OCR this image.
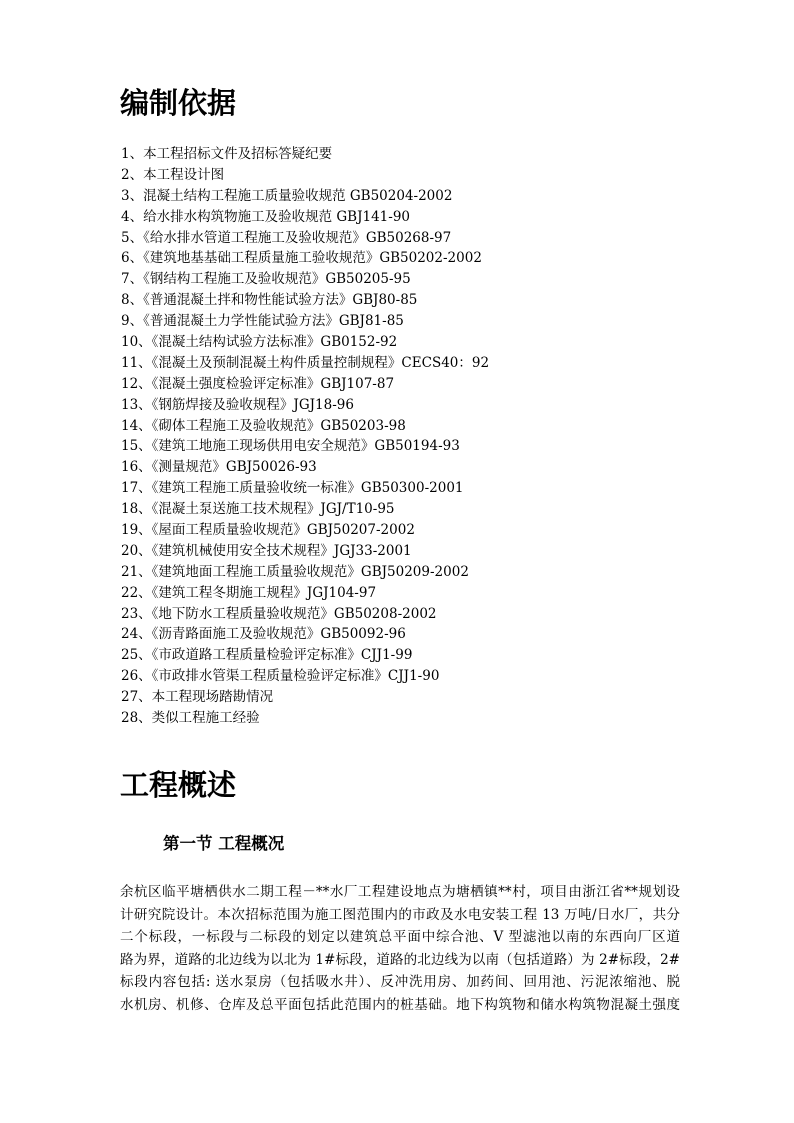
编制依据
1、本工程招标文件及招标答疑纪要
2、本工程设计图
3、混凝土结构工程施工质量验收规范 GB50204-2002
4、给水排水构筑物施工及验收规范 GBJ141-90
5、《给水排水管道工程施工及验收规范》GB50268-97
6、《建筑地基基础工程质量施工验收规范》GB50202-2002
7、《钢结构工程施工及验收规范》GB50205-95
8、《普通混凝土拌和物性能试验方法》GBJ80-85
9、《普通混凝土力学性能试验方法》GBJ81-85
10、《混凝土结构试验方法标准》GB0152-92
11、《混凝土及预制混凝土构件质量控制规程》CECS40：92
12、《混凝土强度检验评定标准》GBJ107-87
13、《钢筋焊接及验收规程》JGJ18-96
14、《砌体工程施工及验收规范》GB50203-98
15、《建筑工地施工现场供用电安全规范》GB50194-93
16、《测量规范》GBJ50026-93
17、《建筑工程施工质量验收统一标准》GB50300-2001
18、《混凝土泵送施工技术规程》JGJ/T10-95
19、《屋面工程质量验收规范》GBJ50207-2002
20、《建筑机械使用安全技术规程》JGJ33-2001
21、《建筑地面工程施工质量验收规范》GBJ50209-2002
22、《建筑工程冬期施工规程》JGJ104-97
23、《地下防水工程质量验收规范》GB50208-2002
24、《沥青路面施工及验收规范》GB50092-96
25、《市政道路工程质量检验评定标准》CJJ1-99
26、《市政排水管渠工程质量检验评定标准》CJJ1-90
27、本工程现场踏勘情况
28、类似工程施工经验
工程概述
第一节 工程概况
余杭区临平塘栖供水二期工程－**水厂工程建设地点为塘栖镇**村，项目由浙江省**规划设
计研究院设计。本次招标范围为施工图范围内的市政及水电安装工程 13 万吨/日水厂，共分
二个标段，一标段与二标段的划定以建筑总平面中综合池、V 型滤池以南的东西向厂区道
路为界，道路的北边线为以北为 1#标段，道路的北边线为以南（包括道路）为 2#标段，2#
标段内容包括: 送水泵房（包括吸水井）、反冲洗用房、加药间、回用池、污泥浓缩池、脱
水机房、机修、仓库及总平面包括此范围内的桩基础。地下构筑物和储水构筑物混凝土强度
